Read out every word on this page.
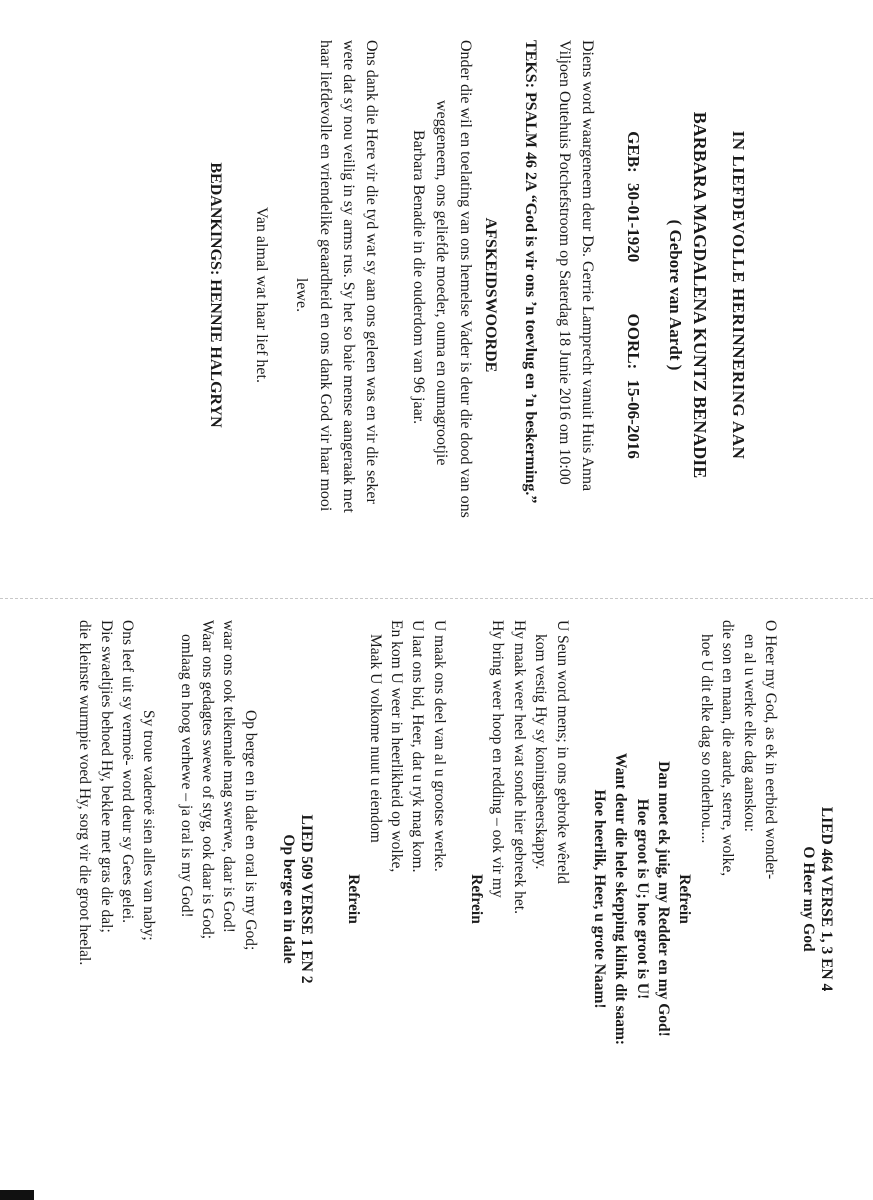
IN LIEFDEVOLLE HERINNERING AAN
BARBARA MAGDALENA KUNTZ BENADIE
( Gebore van Aardt )
GEB: 30-01-1920     OORL: 15-06-2016
Diens word waargeneem deur Ds. Gerrie Lamprecht vanuit Huis Anna
Viljoen Outehuis Potchefstroom op Saterdag 18 Junie 2016 om 10:00
TEKS: PSALM 46 2A “God is vir ons ’n toevlug en ’n beskerming.”
AFSKEIDSWOORDE
Onder die wil en toelating van ons hemelse Vader is deur die dood van ons
weggeneem, ons geliefde moeder, ouma en oumagrootjie
Barbara Benadie in die ouderdom van 96 jaar.
Ons dank die Here vir die tyd wat sy aan ons geleen was en vir die seker
wete dat sy nou veilig in sy arms rus. Sy het so baie mense aangeraak met
haar liefdevolle en vriendelike geaardheid en ons dank God vir haar mooi
lewe.
Van almal wat haar lief het.
BEDANKINGS: HENNIE HALGRYN
LIED 464 VERSE 1, 3 EN 4
O Heer my God
O Heer my God, as ek in eerbied wonder-
en al u werke elke dag aanskou:
die son en maan, die aarde, sterre, wolke,
hoe U dit elke dag so onderhou....
Refrein
Dan moet ek juig, my Redder en my God!
Hoe groot is U; hoe groot is U!
Want deur die hele skepping klink dit saam:
Hoe heerlik, Heer, u grote Naam!
U Seun word mens; in ons gebroke wêreld
kom vestig Hy sy koningsheerskappy.
Hy maak weer heel wat sonde hier gebreek het.
Hy bring weer hoop en redding – ook vir my
Refrein
U maak ons deel van al u grootse werke.
U laat ons bid, Heer, dat u ryk mag kom.
En kom U weer in heerlikheid op wolke,
Maak U volkome nuut u eiendom
Refrein
LIED 509 VERSE 1 EN 2
Op berge en in dale
Op berge en in dale en oral is my God;
waar ons ook telkemale mag swerwe, daar is God!
Waar ons gedagtes swewe of styg, ook daar is God;
omlaag en hoog verhewe – ja oral is my God!
Sy troue vaderoë sien alles van naby;
Ons leef uit sy vermoë- word deur sy Gees gelei.
Die swaeltjies behoed Hy, beklee met gras die dal;
die kleinste wurmpie voed Hy, sorg vir die groot heelal.
